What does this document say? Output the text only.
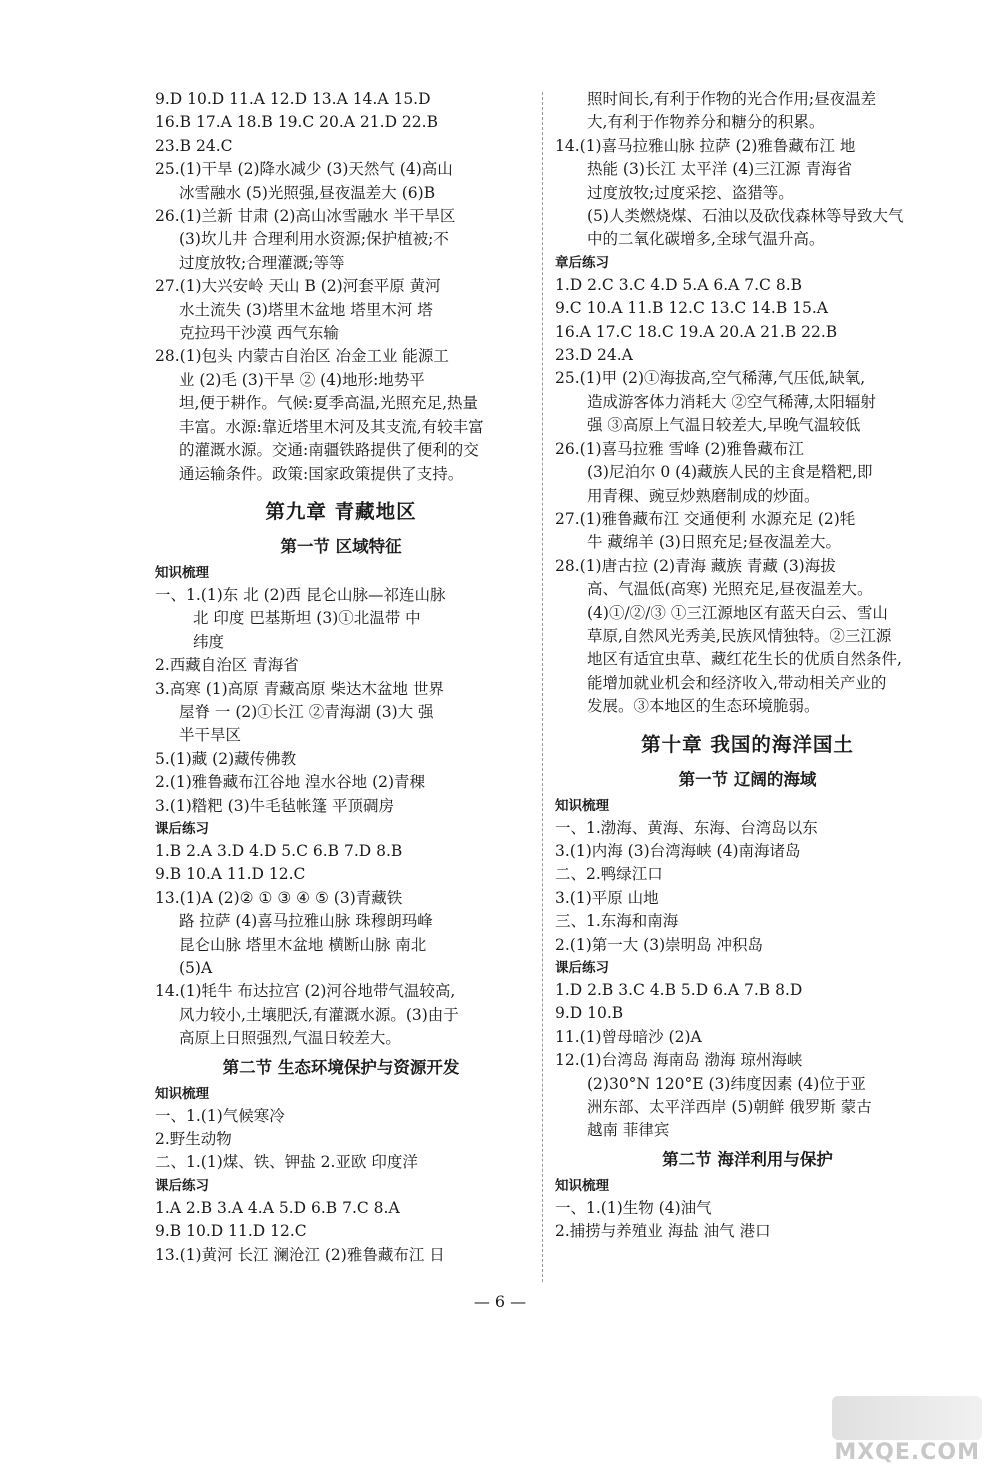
9.D 10.D 11.A 12.D 13.A 14.A 15.D
16.B 17.A 18.B 19.C 20.A 21.D 22.B
23.B 24.C
25.(1)干旱 (2)降水减少 (3)天然气 (4)高山
冰雪融水 (5)光照强,昼夜温差大 (6)B
26.(1)兰新 甘肃 (2)高山冰雪融水 半干旱区
(3)坎儿井 合理利用水资源;保护植被;不
过度放牧;合理灌溉;等等
27.(1)大兴安岭 天山 B (2)河套平原 黄河
水土流失 (3)塔里木盆地 塔里木河 塔
克拉玛干沙漠 西气东输
28.(1)包头 内蒙古自治区 冶金工业 能源工
业 (2)毛 (3)干旱 ② (4)地形:地势平
坦,便于耕作。气候:夏季高温,光照充足,热量
丰富。水源:靠近塔里木河及其支流,有较丰富
的灌溉水源。交通:南疆铁路提供了便利的交
通运输条件。政策:国家政策提供了支持。
第九章 青藏地区
第一节 区域特征
知识梳理
一、1.(1)东 北 (2)西 昆仑山脉—祁连山脉
北 印度 巴基斯坦 (3)①北温带 中
纬度
2.西藏自治区 青海省
3.高寒 (1)高原 青藏高原 柴达木盆地 世界
屋脊 一 (2)①长江 ②青海湖 (3)大 强
半干旱区
5.(1)藏 (2)藏传佛教
2.(1)雅鲁藏布江谷地 湟水谷地 (2)青稞
3.(1)糌粑 (3)牛毛毡帐篷 平顶碉房
课后练习
1.B 2.A 3.D 4.D 5.C 6.B 7.D 8.B
9.B 10.A 11.D 12.C
13.(1)A (2)② ① ③ ④ ⑤ (3)青藏铁
路 拉萨 (4)喜马拉雅山脉 珠穆朗玛峰
昆仑山脉 塔里木盆地 横断山脉 南北
(5)A
14.(1)牦牛 布达拉宫 (2)河谷地带气温较高,
风力较小,土壤肥沃,有灌溉水源。(3)由于
高原上日照强烈,气温日较差大。
第二节 生态环境保护与资源开发
知识梳理
一、1.(1)气候寒冷
2.野生动物
二、1.(1)煤、铁、钾盐 2.亚欧 印度洋
课后练习
1.A 2.B 3.A 4.A 5.D 6.B 7.C 8.A
9.B 10.D 11.D 12.C
13.(1)黄河 长江 澜沧江 (2)雅鲁藏布江 日
照时间长,有利于作物的光合作用;昼夜温差
大,有利于作物养分和糖分的积累。
14.(1)喜马拉雅山脉 拉萨 (2)雅鲁藏布江 地
热能 (3)长江 太平洋 (4)三江源 青海省
过度放牧;过度采挖、盗猎等。
(5)人类燃烧煤、石油以及砍伐森林等导致大气
中的二氧化碳增多,全球气温升高。
章后练习
1.D 2.C 3.C 4.D 5.A 6.A 7.C 8.B
9.C 10.A 11.B 12.C 13.C 14.B 15.A
16.A 17.C 18.C 19.A 20.A 21.B 22.B
23.D 24.A
25.(1)甲 (2)①海拔高,空气稀薄,气压低,缺氧,
造成游客体力消耗大 ②空气稀薄,太阳辐射
强 ③高原上气温日较差大,早晚气温较低
26.(1)喜马拉雅 雪峰 (2)雅鲁藏布江
(3)尼泊尔 0 (4)藏族人民的主食是糌粑,即
用青稞、豌豆炒熟磨制成的炒面。
27.(1)雅鲁藏布江 交通便利 水源充足 (2)牦
牛 藏绵羊 (3)日照充足;昼夜温差大。
28.(1)唐古拉 (2)青海 藏族 青藏 (3)海拔
高、气温低(高寒) 光照充足,昼夜温差大。
(4)①/②/③ ①三江源地区有蓝天白云、雪山
草原,自然风光秀美,民族风情独特。②三江源
地区有适宜虫草、藏红花生长的优质自然条件,
能增加就业机会和经济收入,带动相关产业的
发展。③本地区的生态环境脆弱。
第十章 我国的海洋国土
第一节 辽阔的海域
知识梳理
一、1.渤海、黄海、东海、台湾岛以东
3.(1)内海 (3)台湾海峡 (4)南海诸岛
二、2.鸭绿江口
3.(1)平原 山地
三、1.东海和南海
2.(1)第一大 (3)崇明岛 冲积岛
课后练习
1.D 2.B 3.C 4.B 5.D 6.A 7.B 8.D
9.D 10.B
11.(1)曾母暗沙 (2)A
12.(1)台湾岛 海南岛 渤海 琼州海峡
(2)30°N 120°E (3)纬度因素 (4)位于亚
洲东部、太平洋西岸 (5)朝鲜 俄罗斯 蒙古
越南 菲律宾
第二节 海洋利用与保护
知识梳理
一、1.(1)生物 (4)油气
2.捕捞与养殖业 海盐 油气 港口
— 6 —
MXQE.COM
